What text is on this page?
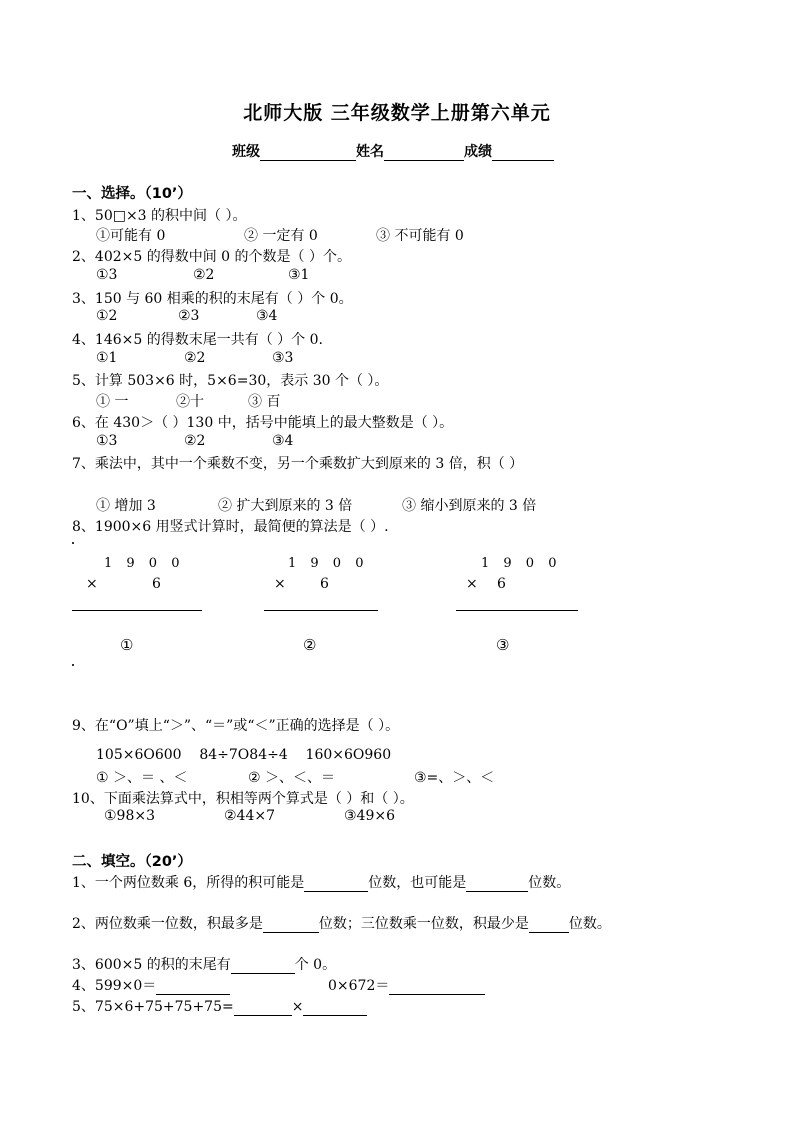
北师大版 三年级数学上册第六单元
班级	姓名	成绩
一、选择。（10’）
1、50□×3 的积中间（ ）。
①可能有 0	② 一定有 0	③ 不可能有 0
2、402×5 的得数中间 0 的个数是（ ）个。
①3	②2	③1
3、150 与 60 相乘的积的末尾有（ ）个 0。
①2	②3	③4
4、146×5 的得数末尾一共有（ ）个 0.
①1	②2	③3
5、计算 503×6 时，5×6=30，表示 30 个（ ）。
① 一	②十	③ 百
6、在 430＞（ ）130 中，括号中能填上的最大整数是（ ）。
①3	②2	③4
7、乘法中，其中一个乘数不变，另一个乘数扩大到原来的 3 倍，积（ ）
① 增加 3	② 扩大到原来的 3 倍	③ 缩小到原来的 3 倍
8、1900×6 用竖式计算时，最简便的算法是（ ）.
1 9 0 0
×	6
①
1 9 0 0
× 6
②
1 9 0 0
× 6
③
9、在“O”填上“＞”、“＝”或“＜”正确的选择是（ ）。
105×6O600    84÷7O84÷4    160×6O960
① ＞、＝ 、＜	② ＞、＜、＝	③=、＞、＜
10、下面乘法算式中，积相等两个算式是（ ）和（ ）。
①98×3	②44×7	③49×6
二、填空。（20’）
1、一个两位数乘 6，所得的积可能是	位数，也可能是	位数。
2、两位数乘一位数，积最多是	位数；三位数乘一位数，积最少是	位数。
3、600×5 的积的末尾有	个 0。
4、599×0＝	0×672＝
5、75×6+75+75+75=	×
